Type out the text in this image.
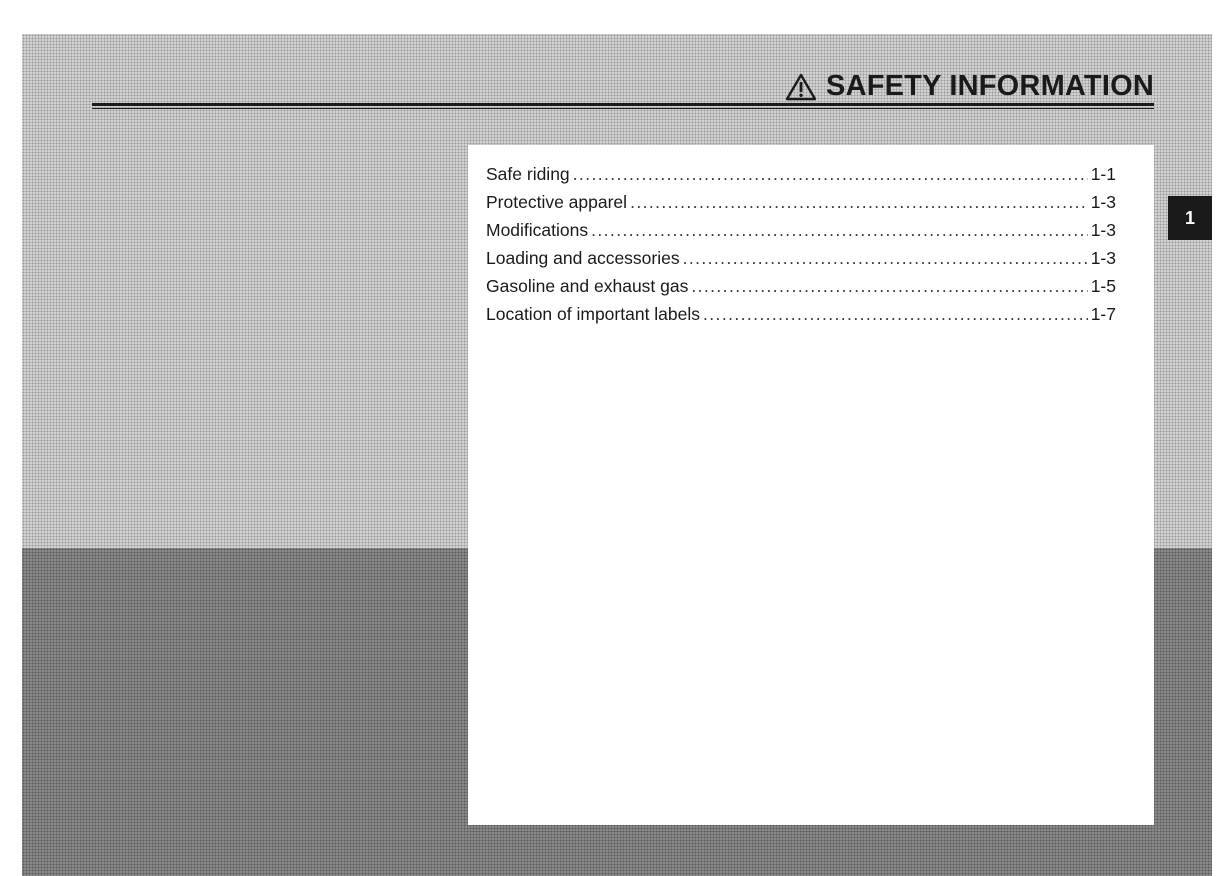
SAFETY INFORMATION
Safe riding .....	1-1
Protective apparel .....	1-3
Modifications .....	1-3
Loading and accessories .....	1-3
Gasoline and exhaust gas .....	1-5
Location of important labels .....	1-7
1
